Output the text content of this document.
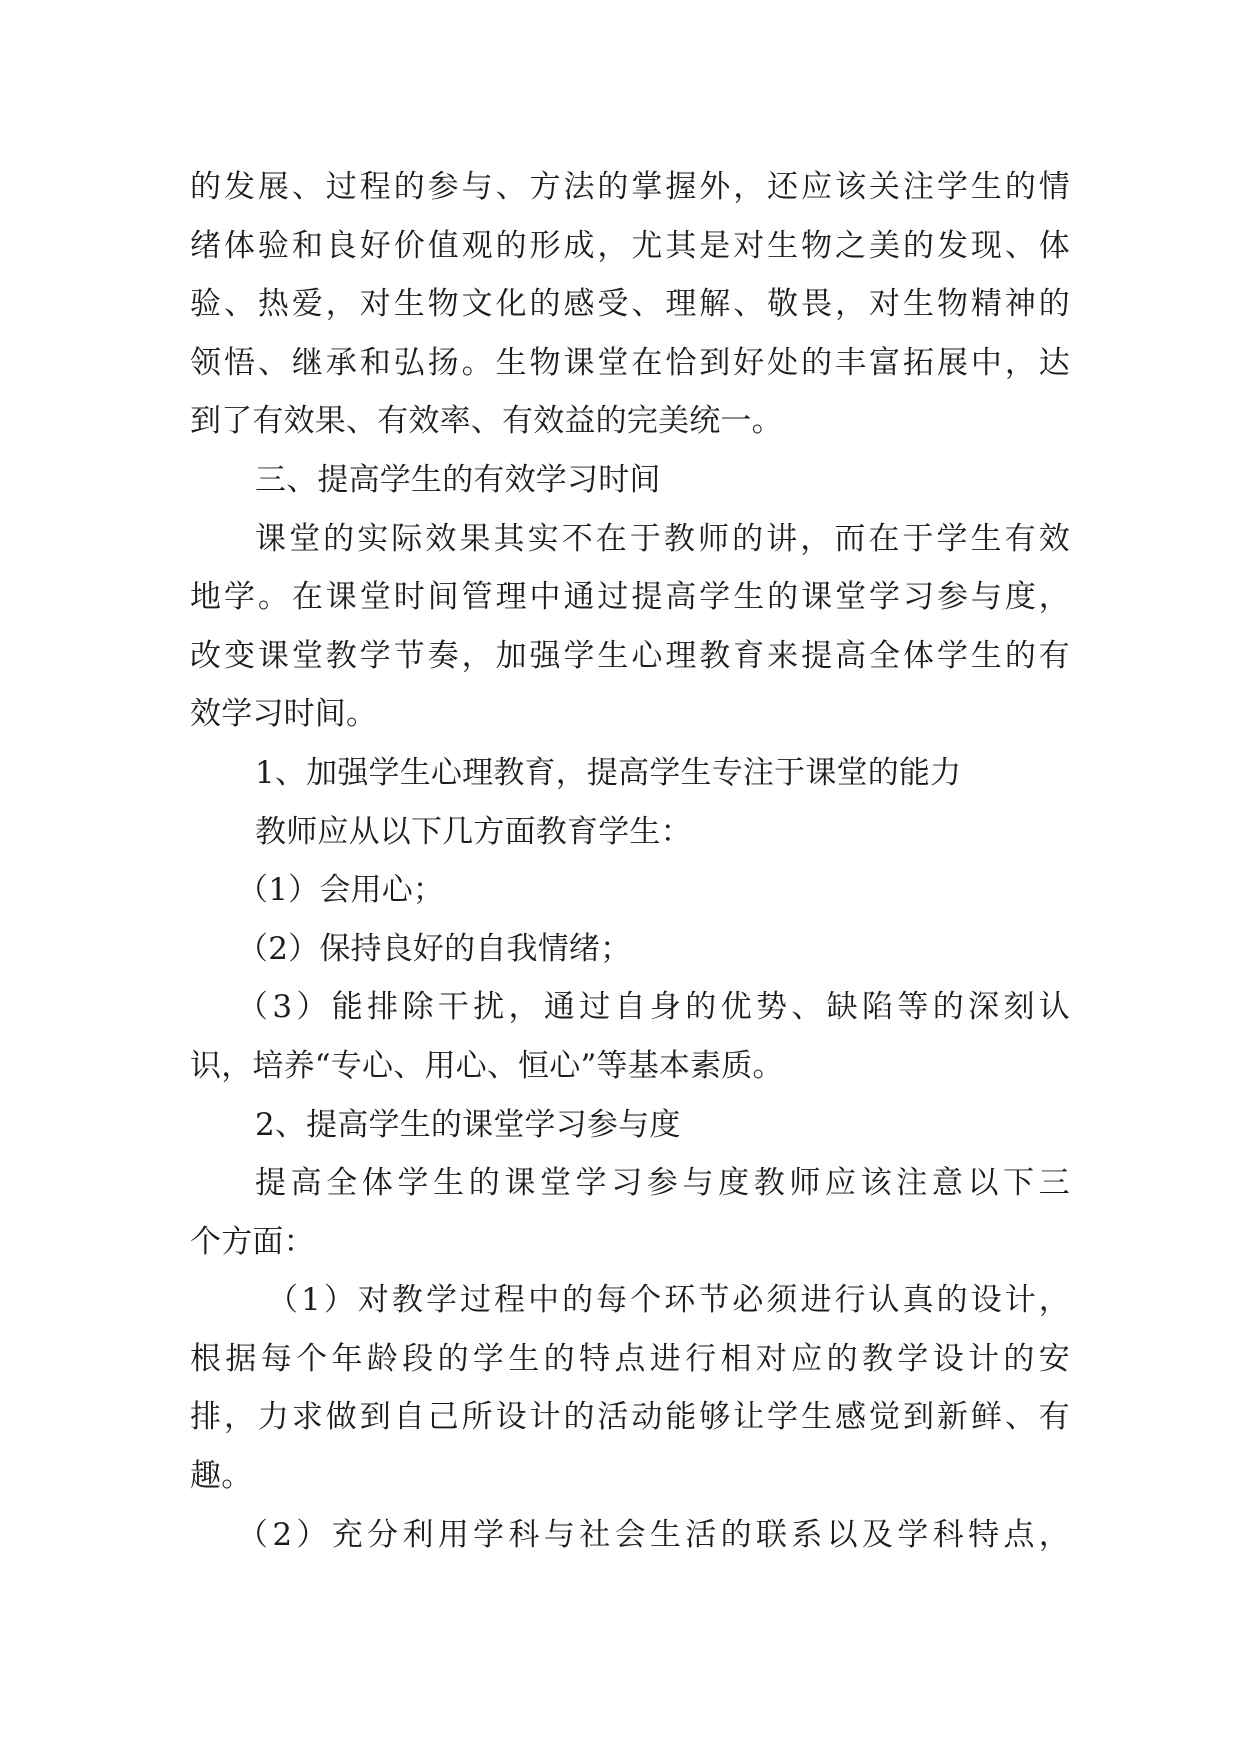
的发展、过程的参与、方法的掌握外，还应该关注学生的情
绪体验和良好价值观的形成，尤其是对生物之美的发现、体
验、热爱，对生物文化的感受、理解、敬畏，对生物精神的
领悟、继承和弘扬。生物课堂在恰到好处的丰富拓展中，达
到了有效果、有效率、有效益的完美统一。
三、提高学生的有效学习时间
课堂的实际效果其实不在于教师的讲，而在于学生有效
地学。在课堂时间管理中通过提高学生的课堂学习参与度，
改变课堂教学节奏，加强学生心理教育来提高全体学生的有
效学习时间。
1、加强学生心理教育，提高学生专注于课堂的能力
教师应从以下几方面教育学生：
（1）会用心；
（2）保持良好的自我情绪；
（3）能排除干扰，通过自身的优势、缺陷等的深刻认
识，培养“专心、用心、恒心”等基本素质。
2、提高学生的课堂学习参与度
提高全体学生的课堂学习参与度教师应该注意以下三
个方面：
（1）对教学过程中的每个环节必须进行认真的设计，
根据每个年龄段的学生的特点进行相对应的教学设计的安
排，力求做到自己所设计的活动能够让学生感觉到新鲜、有
趣。
（2）充分利用学科与社会生活的联系以及学科特点，
